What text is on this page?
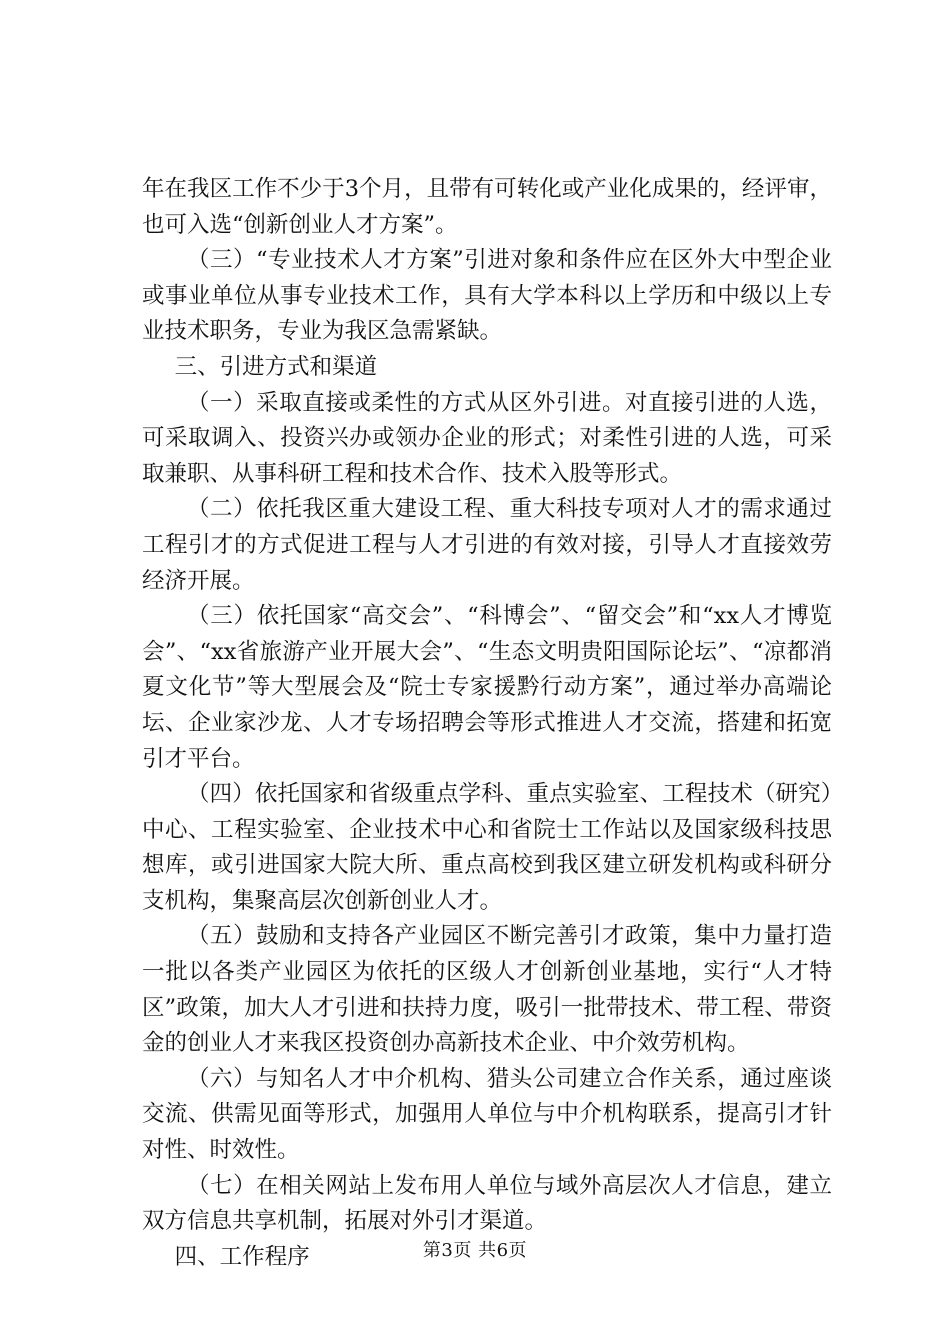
年在我区工作不少于3个月，且带有可转化或产业化成果的，经评审，也可入选“创新创业人才方案”。

（三）“专业技术人才方案”引进对象和条件应在区外大中型企业或事业单位从事专业技术工作，具有大学本科以上学历和中级以上专业技术职务，专业为我区急需紧缺。

三、引进方式和渠道

（一）采取直接或柔性的方式从区外引进。对直接引进的人选，可采取调入、投资兴办或领办企业的形式；对柔性引进的人选，可采取兼职、从事科研工程和技术合作、技术入股等形式。

（二）依托我区重大建设工程、重大科技专项对人才的需求通过工程引才的方式促进工程与人才引进的有效对接，引导人才直接效劳经济开展。

（三）依托国家“高交会”、“科博会”、“留交会”和“xx人才博览会”、“xx省旅游产业开展大会”、“生态文明贵阳国际论坛”、“凉都消夏文化节”等大型展会及“院士专家援黔行动方案”，通过举办高端论坛、企业家沙龙、人才专场招聘会等形式推进人才交流，搭建和拓宽引才平台。

（四）依托国家和省级重点学科、重点实验室、工程技术（研究）中心、工程实验室、企业技术中心和省院士工作站以及国家级科技思想库，或引进国家大院大所、重点高校到我区建立研发机构或科研分支机构，集聚高层次创新创业人才。

（五）鼓励和支持各产业园区不断完善引才政策，集中力量打造一批以各类产业园区为依托的区级人才创新创业基地，实行“人才特区”政策，加大人才引进和扶持力度，吸引一批带技术、带工程、带资金的创业人才来我区投资创办高新技术企业、中介效劳机构。

（六）与知名人才中介机构、猎头公司建立合作关系，通过座谈交流、供需见面等形式，加强用人单位与中介机构联系，提高引才针对性、时效性。

（七）在相关网站上发布用人单位与域外高层次人才信息，建立双方信息共享机制，拓展对外引才渠道。

四、工作程序	第3页 共6页
